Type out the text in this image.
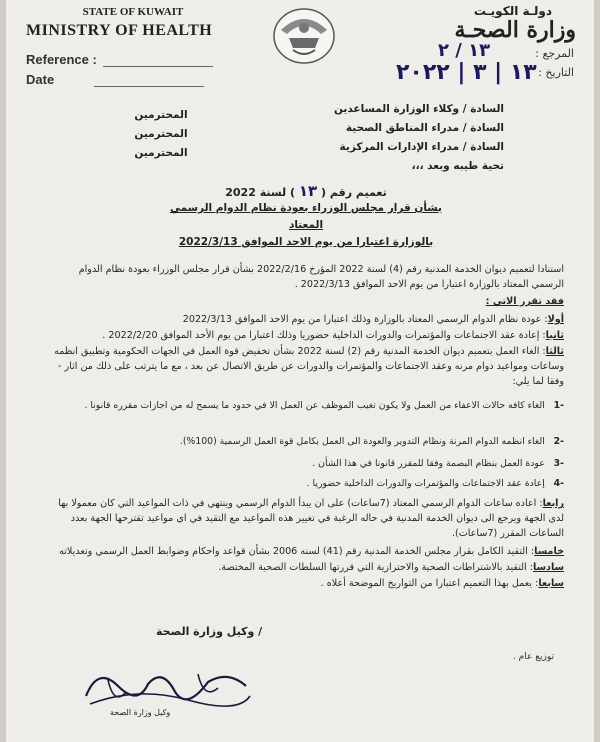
STATE OF KUWAIT
MINISTRY OF HEALTH
Reference :
Date
دولـة الكويـت
وزارة الصحـة
المرجع :
التاريخ :
١٣ / ٢
١٣ | ٣ | ٢٠٢٢
السادة / وكلاء الوزارة المساعدين
السادة / مدراء المناطق الصحية
السادة / مدراء الإدارات المركزية
تحية طيبه وبعد ،،،
المحترمين
المحترمين
المحترمين
تعميم رقم ( ١٣ ) لسنة 2022
بشأن قرار مجلس الوزراء بعودة نظام الدوام الرسمي المعتاد
بالوزارة اعتبارا من يوم الاحد الموافق 2022/3/13
استنادا لتعميم ديوان الخدمة المدنية رقم (4) لسنة 2022 المؤرخ 2022/2/16 بشأن قرار مجلس الوزراء بعودة نظام الدوام الرسمي المعتاد بالوزارة اعتبارا من يوم الاحد الموافق 2022/3/13 .
فقد تقرر الاتي :
أولا: عودة نظام الدوام الرسمي المعتاد بالوزارة وذلك اعتبارا من يوم الاحد الموافق 2022/3/13
ثانيا: إعادة عقد الاجتماعات والمؤتمرات والدورات الداخلية حضوريا وذلك اعتبارا من يوم الأحد الموافق 2022/2/20 .
ثالثا: الغاء العمل بتعميم ديوان الخدمة المدنية رقم (2) لسنة 2022 بشأن تخفيض قوة العمل في الجهات الحكومية وتطبيق انظمه وساعات ومواعيد دوام مرنه وعقد الاجتماعات والمؤتمرات والدورات عن طريق الاتصال عن بعد ، مع ما يترتب على ذلك من اثار - وفقا لما يلي:
-1   الغاء كافه حالات الاعفاء من العمل ولا يكون تغيب الموظف عن العمل الا في حدود ما يسمح له من اجازات مقرره قانونا .
-2   الغاء انظمه الدوام المرنة ونظام التدوير والعودة الى العمل بكامل قوة العمل الرسمية (100%).
-3   عودة العمل بنظام البصمة وفقا للمقرر قانونا في هذا الشأن .
-4   إعادة عقد الاجتماعات والمؤتمرات والدورات الداخلية حضوريا .
رابعا: اعاده ساعات الدوام الرسمي المعتاد (7ساعات) على ان يبدأ الدوام الرسمي وينتهي في ذات المواعيد التي كان معمولا بها لدى الجهة ويرجع الى ديوان الخدمة المدنية في حاله الرغبة في تغيير هذه المواعيد مع التقيد في اي مواعيد تقترحها الجهة بعدد الساعات المقرر (7ساعات).
خامسا: التقيد الكامل بقرار مجلس الخدمة المدنية رقم (41) لسنه 2006 بشأن قواعد واحكام وضوابط العمل الرسمي وتعديلاته
سادسا: التقيد بالاشتراطات الصحية والاحترازية التي قررتها السلطات الصحية المختصة.
سابعا: يعمل بهذا التعميم اعتبارا من التواريخ الموضحة أعلاه .
/ وكيل وزارة الصحة
توزيع عام .
وكيل وزارة الصحة
